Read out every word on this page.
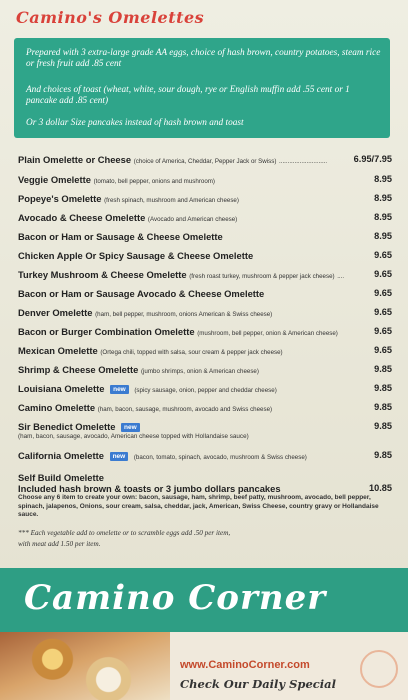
Camino's Omelettes

Prepared with 3 extra-large grade AA eggs, choice of hash brown, country potatoes, steam rice or fresh fruit add .85 cent

And choices of toast (wheat, white, sour dough, rye or English muffin add .55 cent or 1 pancake add .85 cent)

Or 3 dollar Size pancakes instead of hash brown and toast

Plain Omelette or Cheese (choice of America, Cheddar, Pepper Jack or Swiss) ............................	6.95/7.95
Veggie Omelette (tomato, bell pepper, onions and mushroom)	8.95
Popeye's Omelette (fresh spinach, mushroom and American cheese)	8.95
Avocado & Cheese Omelette (Avocado and American cheese)	8.95
Bacon or Ham or Sausage & Cheese Omelette	8.95
Chicken Apple Or Spicy Sausage & Cheese Omelette	9.65
Turkey Mushroom & Cheese Omelette (fresh roast turkey, mushroom & pepper jack cheese) ....	9.65
Bacon or Ham or Sausage Avocado & Cheese Omelette	9.65
Denver Omelette (ham, bell pepper, mushroom, onions American & Swiss cheese)	9.65
Bacon or Burger Combination Omelette (mushroom, bell pepper, onion & American cheese)	9.65
Mexican Omelette (Ortega chili, topped with salsa, sour cream & pepper jack cheese)	9.65
Shrimp & Cheese Omelette (jumbo shrimps, onion & American cheese)	9.85
Louisiana Omelette new (spicy sausage, onion, pepper and cheddar cheese)	9.85
Camino Omelette (ham, bacon, sausage, mushroom, avocado and Swiss cheese)	9.85
Sir Benedict Omelette new	9.85
(ham, bacon, sausage, avocado, American cheese topped with Hollandaise sauce)
California Omelette new (bacon, tomato, spinach, avocado, mushroom & Swiss cheese)	9.85
Self Build Omelette
Included hash brown & toasts or 3 jumbo dollars pancakes	10.85
Choose any 6 item to create your own: bacon, sausage, ham, shrimp, beef patty, mushroom, avocado, bell pepper, spinach, jalapenos, Onions, sour cream, salsa, cheddar, jack, American, Swiss Cheese, country gravy or Hollandaise sauce.
*** Each vegetable add to omelette or to scramble eggs add .50 per item,
with meat add 1.50 per item.
Camino Corner
www.CaminoCorner.com
Check Our Daily Special
